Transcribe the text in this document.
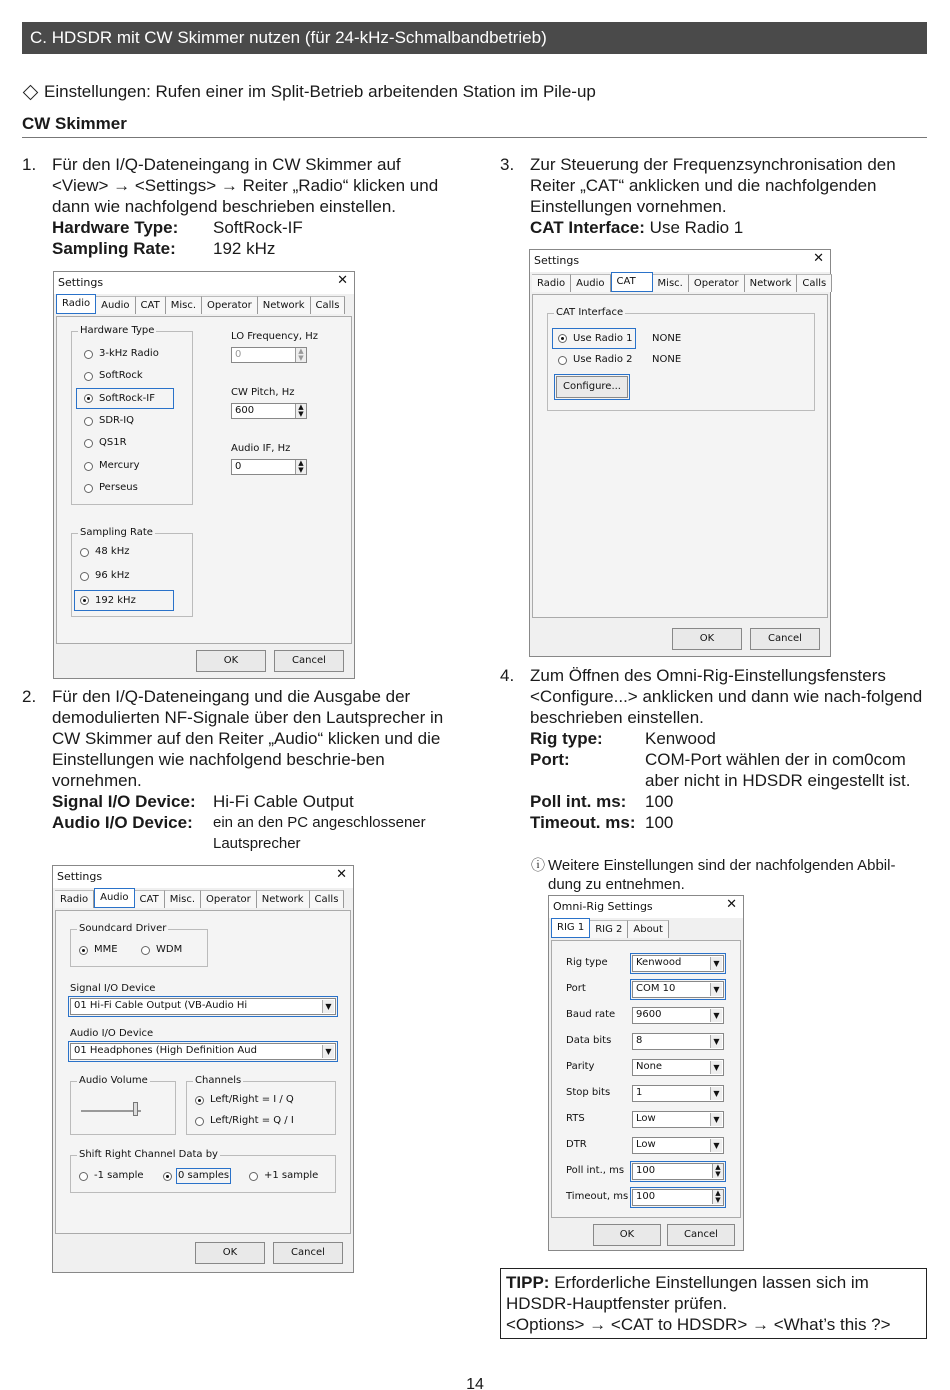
C. HDSDR mit CW Skimmer nutzen (für 24-kHz-Schmalbandbetrieb)
Einstellungen: Rufen einer im Split-Betrieb arbeitenden Station im Pile-up
CW Skimmer
1. Für den I/Q-Dateneingang in CW Skimmer auf <View> → <Settings> → Reiter „Radio“ klicken und dann wie nachfolgend beschrieben einstellen.
Hardware Type:	SoftRock-IF
Sampling Rate:	192 kHz
Settings	✕
Radio	Audio	CAT	Misc.	Operator	Network	Calls
Hardware Type
3-kHz Radio
SoftRock
SoftRock-IF
SDR-IQ
QS1R
Mercury
Perseus
LO Frequency, Hz
0	▲
▼
CW Pitch, Hz
600	▲
▼
Audio IF, Hz
0	▲
▼
Sampling Rate
48 kHz
96 kHz
192 kHz
OK	Cancel
2. Für den I/Q-Dateneingang und die Ausgabe der demodulierten NF-Signale über den Lautsprecher in CW Skimmer auf den Reiter „Audio“ klicken und die Einstellungen wie nachfolgend beschrie-ben vornehmen.
Signal I/O Device:	Hi-Fi Cable Output
Audio I/O Device:	ein an den PC angeschlossener Lautsprecher
Settings	✕
Radio	Audio	CAT	Misc.	Operator	Network	Calls
Soundcard Driver
MME	WDM
Signal I/O Device
01 Hi-Fi Cable Output (VB-Audio Hi	▼
Audio I/O Device
01 Headphones (High Definition Aud	▼
Audio Volume	Channels
Left/Right = I / Q
Left/Right = Q / I
Shift Right Channel Data by
-1 sample	0 samples	+1 sample
OK	Cancel
3. Zur Steuerung der Frequenzsynchronisation den Reiter „CAT“ anklicken und die nachfolgenden Einstellungen vornehmen.
CAT Interface: Use Radio 1
Settings	✕
Radio	Audio	CAT	Misc.	Operator	Network	Calls
CAT Interface
Use Radio 1 NONE
Use Radio 2 NONE
Configure...
OK	Cancel
4. Zum Öffnen des Omni-Rig-Einstellungsfensters <Configure...> anklicken und dann wie nach-folgend beschrieben einstellen.
Rig type:	Kenwood
Port:	COM-Port wählen der in com0com aber nicht in HDSDR eingestellt ist.
Poll int. ms:	100
Timeout. ms: 100
ⓘ Weitere Einstellungen sind der nachfolgenden Abbil-dung zu entnehmen.
Omni-Rig Settings	✕
RIG 1	RIG 2	About
Rig type	Kenwood	▼
Port	COM 10	▼
Baud rate	9600	▼
Data bits	8	▼
Parity	None	▼
Stop bits	1	▼
RTS	Low	▼
DTR	Low	▼
Poll int., ms	100	▲
▼
Timeout, ms 100	▲
▼
OK	Cancel
TIPP: Erforderliche Einstellungen lassen sich im HDSDR-Hauptfenster prüfen.
<Options> → <CAT to HDSDR> → <What’s this ?>
14
